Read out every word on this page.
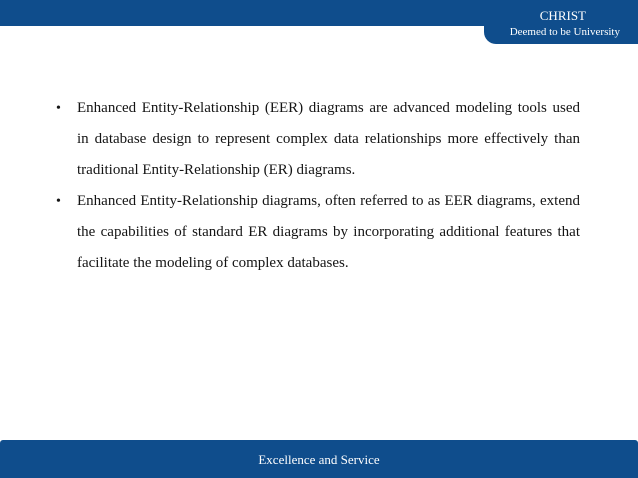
CHRIST
Deemed to be University
• Enhanced Entity-Relationship (EER) diagrams are advanced modeling tools used in database design to represent complex data relationships more effectively than traditional Entity-Relationship (ER) diagrams.
• Enhanced Entity-Relationship diagrams, often referred to as EER diagrams, extend the capabilities of standard ER diagrams by incorporating additional features that facilitate the modeling of complex databases.
Excellence and Service
